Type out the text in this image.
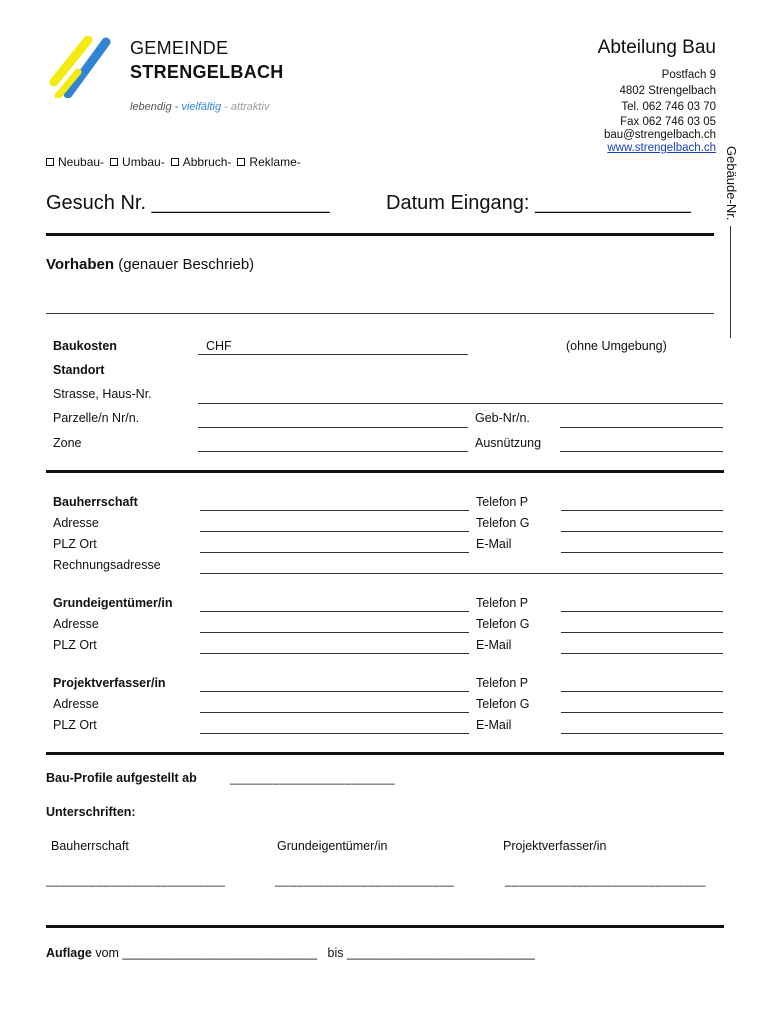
GEMEINDE
STRENGELBACH
lebendig - vielfältig - attraktiv
Abteilung Bau
Postfach 9
4802 Strengelbach
Tel. 062 746 03 70
Fax 062 746 03 05
bau@strengelbach.ch
www.strengelbach.ch Gebäude-Nr.
Neubau- Umbau- Abbruch- Reklame-
Gesuch Nr. ________________	Datum Eingang: ______________
Vorhaben (genauer Beschrieb)
Baukosten	CHF	(ohne Umgebung)
Standort
Strasse, Haus-Nr.
Parzelle/n Nr/n.	Geb-Nr/n.
Zone	Ausnützung
Bauherrschaft	Telefon P
Adresse	Telefon G
PLZ Ort	E-Mail
Rechnungsadresse
Grundeigentümer/in	Telefon P
Adresse	Telefon G
PLZ Ort	E-Mail
Projektverfasser/in	Telefon P
Adresse	Telefon G
PLZ Ort	E-Mail
Bau-Profile aufgestellt ab	_______________________
Unterschriften:
Bauherrschaft	Grundeigentümer/in	Projektverfasser/in
_________________________	_________________________	____________________________
Auflage vom ____________________________ bis ___________________________
